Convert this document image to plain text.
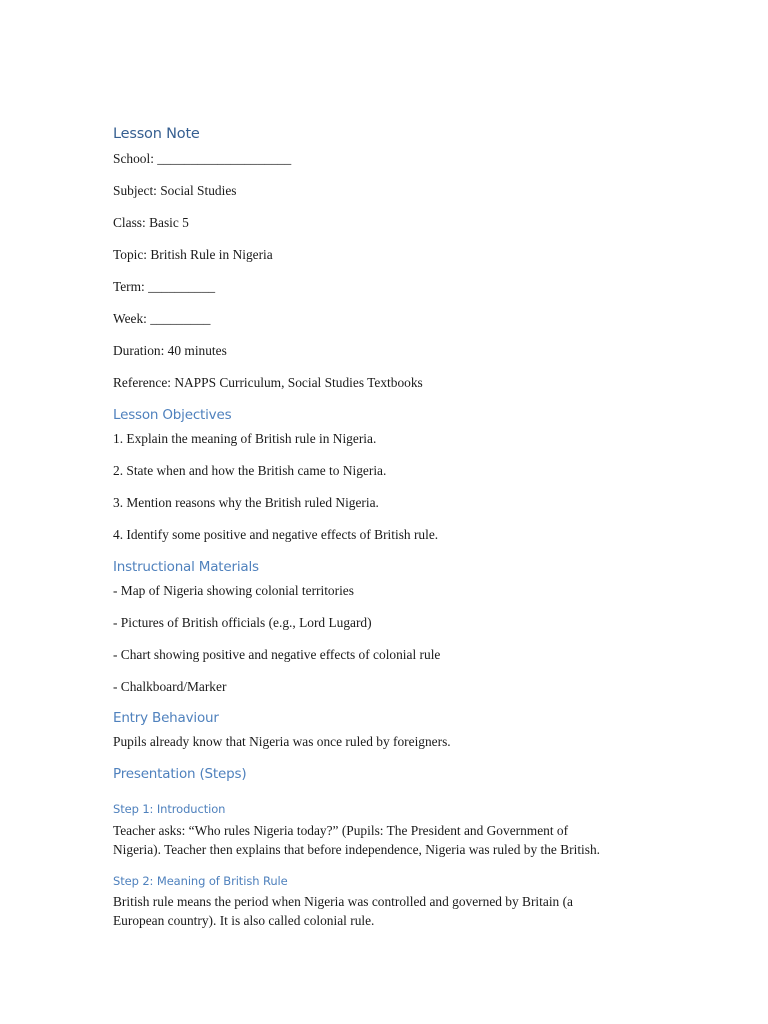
Lesson Note
School: ____________________
Subject: Social Studies
Class: Basic 5
Topic: British Rule in Nigeria
Term: __________
Week: _________
Duration: 40 minutes
Reference: NAPPS Curriculum, Social Studies Textbooks
Lesson Objectives
1. Explain the meaning of British rule in Nigeria.
2. State when and how the British came to Nigeria.
3. Mention reasons why the British ruled Nigeria.
4. Identify some positive and negative effects of British rule.
Instructional Materials
- Map of Nigeria showing colonial territories
- Pictures of British officials (e.g., Lord Lugard)
- Chart showing positive and negative effects of colonial rule
- Chalkboard/Marker
Entry Behaviour
Pupils already know that Nigeria was once ruled by foreigners.
Presentation (Steps)
Step 1: Introduction
Teacher asks: “Who rules Nigeria today?” (Pupils: The President and Government of
Nigeria). Teacher then explains that before independence, Nigeria was ruled by the British.
Step 2: Meaning of British Rule
British rule means the period when Nigeria was controlled and governed by Britain (a
European country). It is also called colonial rule.
